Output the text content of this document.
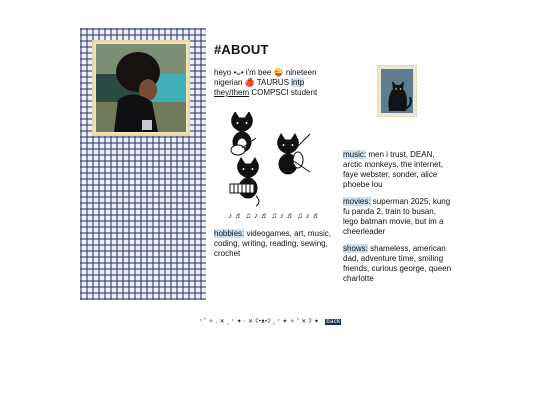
#ABOUT
heyo •ᴗ• i'm bee 😜 nineteen
nigerian 🍎 TAURUS intp
they/them COMPSCI student
♪ ♬ ♫ ♪ ♬ ♫ ♪ ♬ ♫ ♪ ♬
hobbies: videogames, art, music, coding, writing, reading, sewing, crochet
music: men i trust, DEAN, arctic monkeys, the internet, faye webster, sonder, alice phoebe lou
movies: superman 2025, kung fu panda 2, train to busan, lego batman movie, but im a cheerleader
shows: shameless, american dad, adventure time, smiling friends, curious george, queen charlotte
⁺ ˚ ✧ . ✕ ˳ ⁺ ✦ ⋅ ✕ ʕ•ᴥ•ʔ ˳ ⁺ ✦ ✧ ˚ ✕ ʔ ✦ · back
